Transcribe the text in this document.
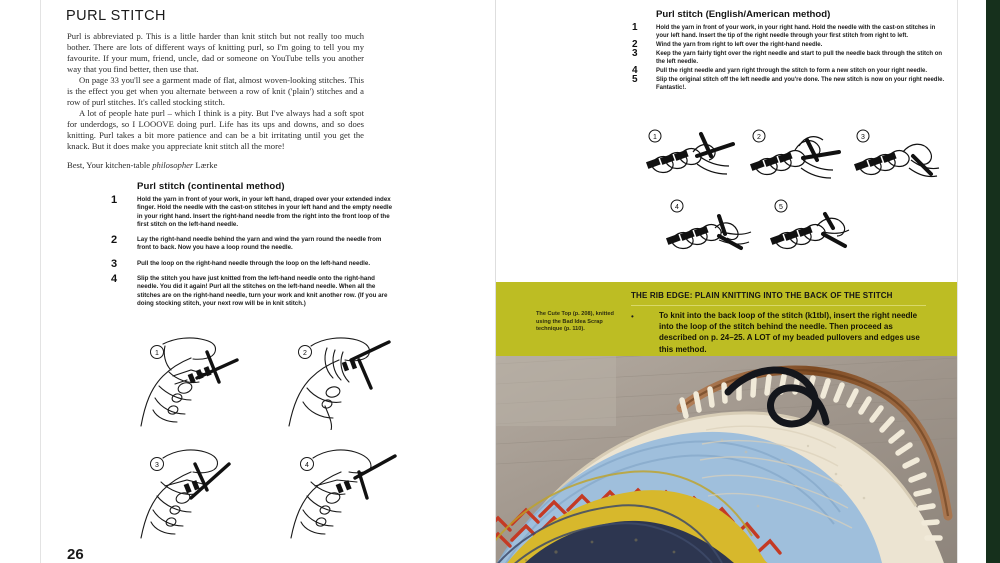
PURL STITCH

Purl is abbreviated p. This is a little harder than knit stitch but not really too much bother. There are lots of different ways of knitting purl, so I'm going to tell you my favourite. If your mum, friend, uncle, dad or someone on YouTube tells you another way that you find better, then use that.

On page 33 you'll see a garment made of flat, almost woven-looking stitches. This is the effect you get when you alternate between a row of knit ('plain') stitches and a row of purl stitches. It's called stocking stitch.

A lot of people hate purl – which I think is a pity. But I've always had a soft spot for underdogs, so I LOOOVE doing purl. Life has its ups and downs, and so does knitting. Purl takes a bit more patience and can be a bit irritating until you get the knack. But it does make you appreciate knit stitch all the more!

Best, Your kitchen-table philosopher Lærke
Purl stitch (continental method)
1	Hold the yarn in front of your work, in your left hand, draped over your extended index finger. Hold the needle with the cast-on stitches in your left hand and the empty needle in your right hand. Insert the right-hand needle from the right into the front loop of the first stitch on the left-hand needle.
2	Lay the right-hand needle behind the yarn and wind the yarn round the needle from front to back. Now you have a loop round the needle.
3	Pull the loop on the right-hand needle through the loop on the left-hand needle.
4	Slip the stitch you have just knitted from the left-hand needle onto the right-hand needle. You did it again! Purl all the stitches on the left-hand needle. When all the stitches are on the right-hand needle, turn your work and knit another row. (If you are doing stocking stitch, your next row will be in knit stitch.)
1	2
3	4
26
Purl stitch (English/American method)
1	Hold the yarn in front of your work, in your right hand. Hold the needle with the cast-on stitches in your left hand. Insert the tip of the right needle through your first stitch from right to left.
2	Wind the yarn from right to left over the right-hand needle.
3	Keep the yarn fairly tight over the right needle and start to pull the needle back through the stitch on the left needle.
4	Pull the right needle and yarn right through the stitch to form a new stitch on your right needle.
5	Slip the original stitch off the left needle and you're done. The new stitch is now on your right needle. Fantastic!.
1	2	3
4	5
THE RIB EDGE: PLAIN KNITTING INTO THE BACK OF THE STITCH
The Cute Top (p. 208), knitted using the Bad Idea Scrap technique (p. 110).
•	To knit into the back loop of the stitch (k1tbl), insert the right needle into the loop of the stitch behind the needle. Then proceed as described on p. 24–25. A LOT of my beaded pullovers and edges use this method.
